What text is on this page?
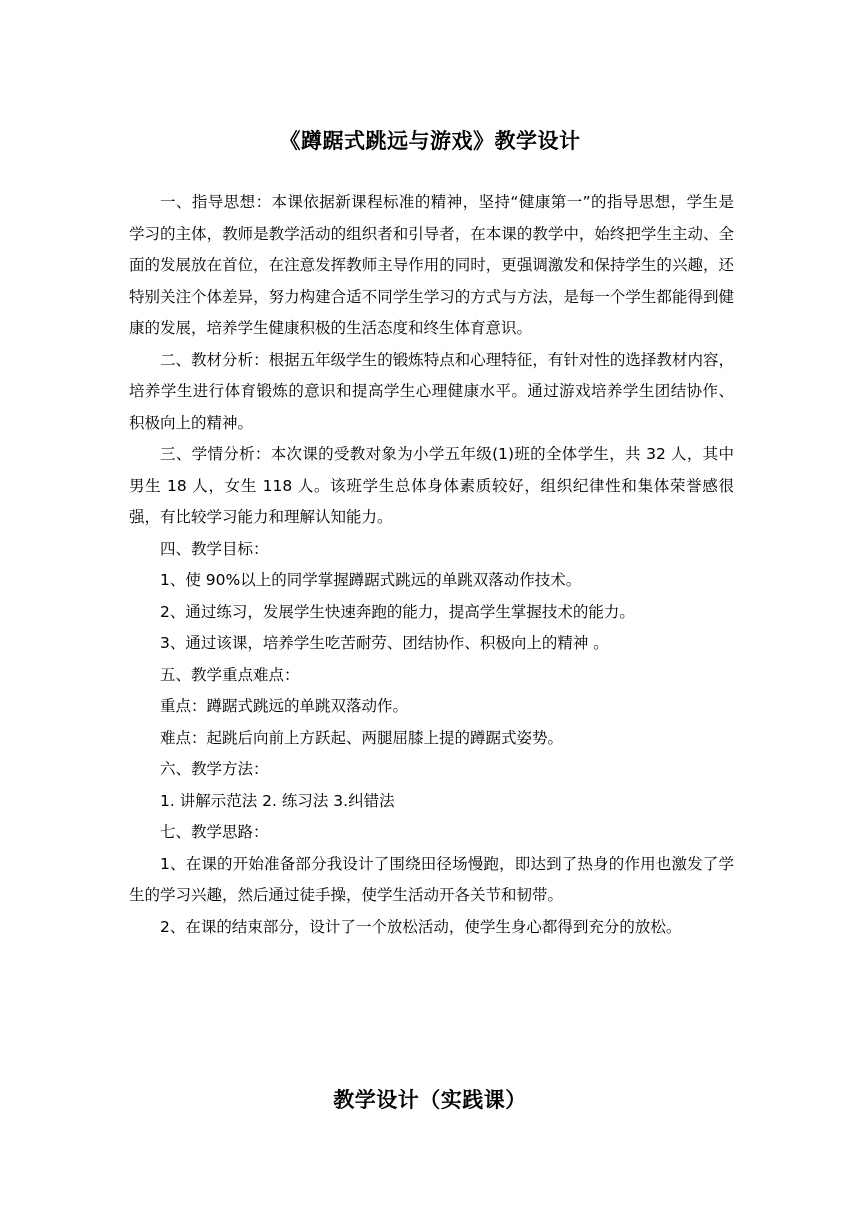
《蹲踞式跳远与游戏》教学设计

一、指导思想：本课依据新课程标准的精神，坚持“健康第一”的指导思想，学生是学习的主体，教师是教学活动的组织者和引导者，在本课的教学中，始终把学生主动、全面的发展放在首位，在注意发挥教师主导作用的同时，更强调激发和保持学生的兴趣，还特别关注个体差异，努力构建合适不同学生学习的方式与方法，是每一个学生都能得到健康的发展，培养学生健康积极的生活态度和终生体育意识。

二、教材分析：根据五年级学生的锻炼特点和心理特征，有针对性的选择教材内容，培养学生进行体育锻炼的意识和提高学生心理健康水平。通过游戏培养学生团结协作、 积极向上的精神。

三、学情分析：本次课的受教对象为小学五年级(1)班的全体学生，共 32 人，其中男生 18 人，女生 118 人。该班学生总体身体素质较好，组织纪律性和集体荣誉感很强，有比较学习能力和理解认知能力。

四、教学目标：

1、使 90%以上的同学掌握蹲踞式跳远的单跳双落动作技术。

2、通过练习，发展学生快速奔跑的能力，提高学生掌握技术的能力。

3、通过该课，培养学生吃苦耐劳、团结协作、积极向上的精神 。

五、教学重点难点：

重点：蹲踞式跳远的单跳双落动作。

难点：起跳后向前上方跃起、两腿屈膝上提的蹲踞式姿势。

六、教学方法：

1. 讲解示范法 2. 练习法 3.纠错法

七、教学思路：

1、在课的开始准备部分我设计了围绕田径场慢跑，即达到了热身的作用也激发了学生的学习兴趣，然后通过徒手操，使学生活动开各关节和韧带。

2、在课的结束部分，设计了一个放松活动，使学生身心都得到充分的放松。

教学设计（实践课）
